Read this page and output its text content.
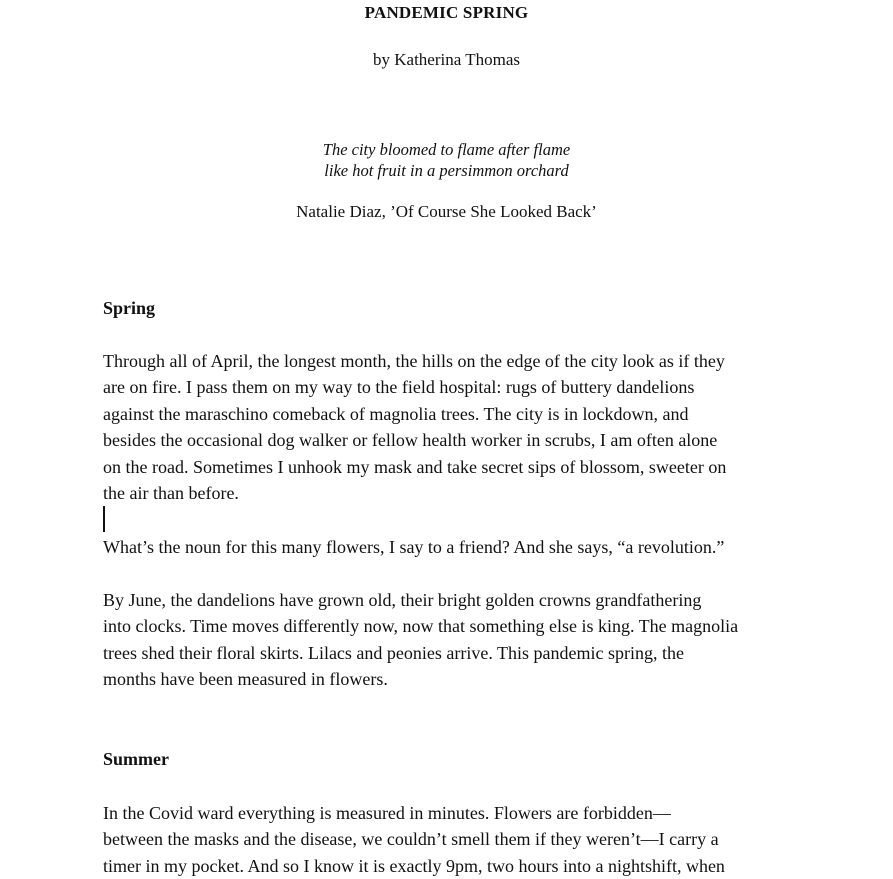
PANDEMIC SPRING
by Katherina Thomas
The city bloomed to flame after flame
like hot fruit in a persimmon orchard
Natalie Diaz, ’Of Course She Looked Back’
Spring
Through all of April, the longest month, the hills on the edge of the city look as if they
are on fire. I pass them on my way to the field hospital: rugs of buttery dandelions
against the maraschino comeback of magnolia trees. The city is in lockdown, and
besides the occasional dog walker or fellow health worker in scrubs, I am often alone
on the road. Sometimes I unhook my mask and take secret sips of blossom, sweeter on
the air than before.
What’s the noun for this many flowers, I say to a friend? And she says, “a revolution.”
By June, the dandelions have grown old, their bright golden crowns grandfathering
into clocks. Time moves differently now, now that something else is king. The magnolia
trees shed their floral skirts. Lilacs and peonies arrive. This pandemic spring, the
months have been measured in flowers.
Summer
In the Covid ward everything is measured in minutes. Flowers are forbidden—
between the masks and the disease, we couldn’t smell them if they weren’t—I carry a
timer in my pocket. And so I know it is exactly 9pm, two hours into a nightshift, when
